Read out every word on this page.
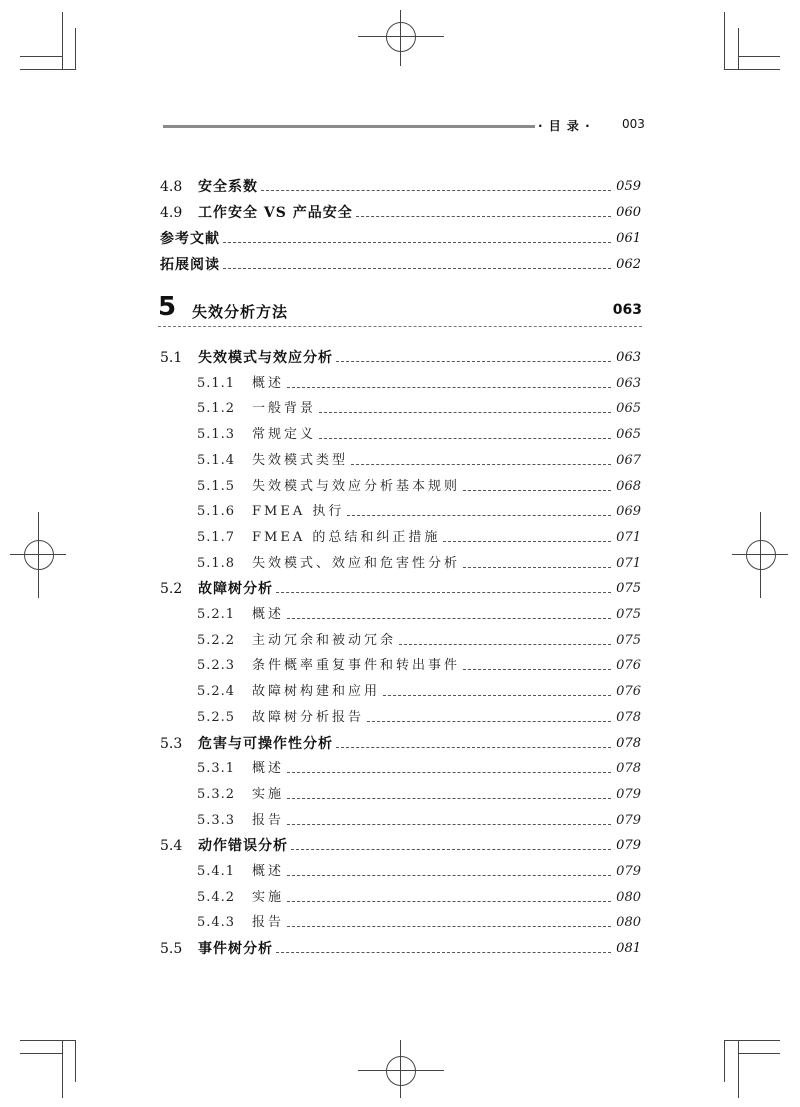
· 目 录 ·	003
4.8	安全系数	059
4.9	工作安全 VS 产品安全	060
参考文献	061
拓展阅读	062
5 失效分析方法	063
5.1	失效模式与效应分析	063
5.1.1	概述	063
5.1.2	一般背景	065
5.1.3	常规定义	065
5.1.4	失效模式类型	067
5.1.5	失效模式与效应分析基本规则	068
5.1.6	FMEA 执行	069
5.1.7	FMEA 的总结和纠正措施	071
5.1.8	失效模式、效应和危害性分析	071
5.2	故障树分析	075
5.2.1	概述	075
5.2.2	主动冗余和被动冗余	075
5.2.3	条件概率重复事件和转出事件	076
5.2.4	故障树构建和应用	076
5.2.5	故障树分析报告	078
5.3	危害与可操作性分析	078
5.3.1	概述	078
5.3.2	实施	079
5.3.3	报告	079
5.4	动作错误分析	079
5.4.1	概述	079
5.4.2	实施	080
5.4.3	报告	080
5.5	事件树分析	081
